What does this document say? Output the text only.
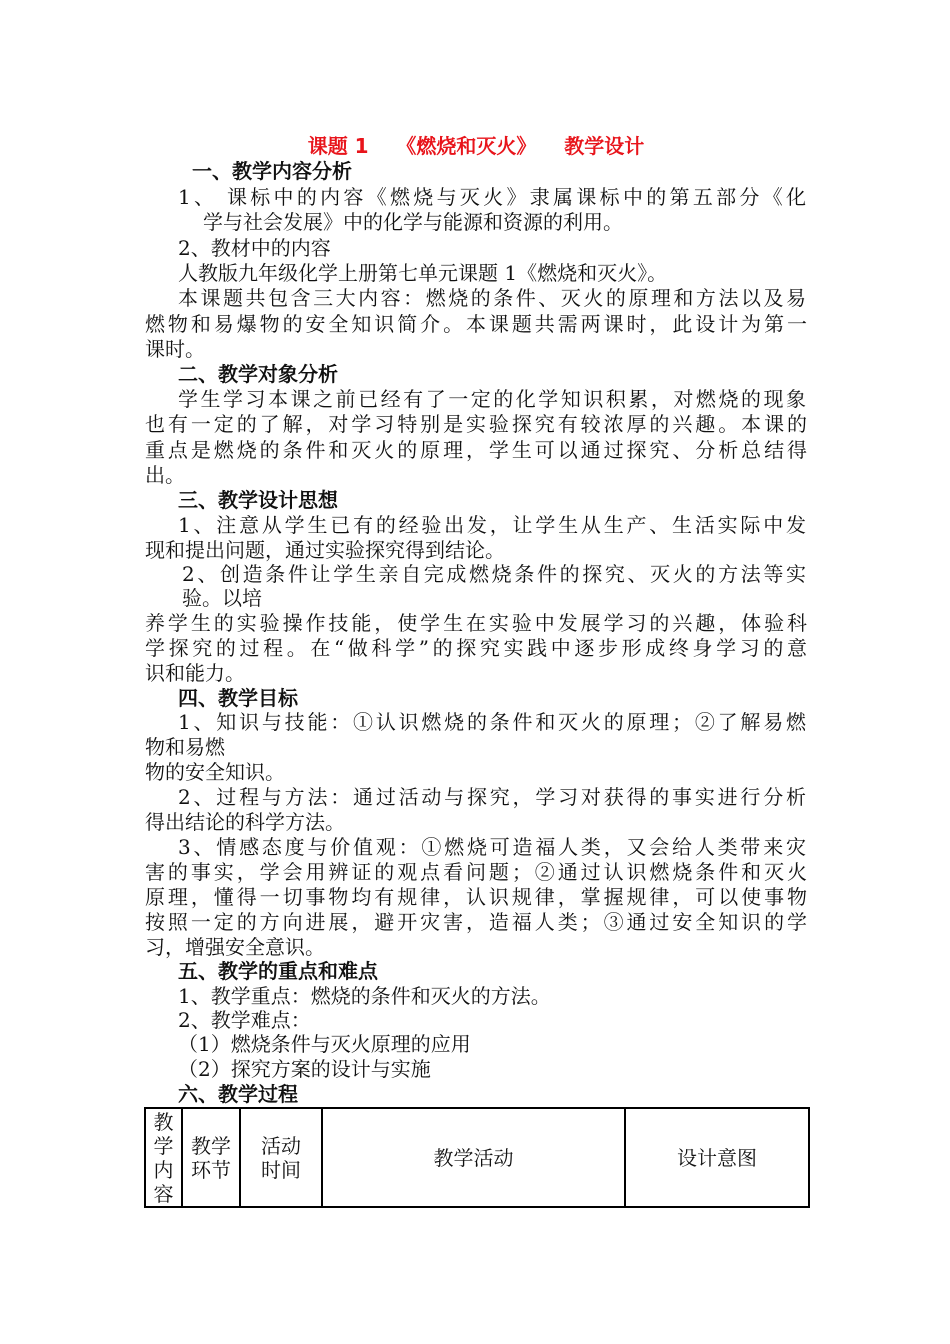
课题 1    《燃烧和灭火》    教学设计
一、教学内容分析
1、 课标中的内容《燃烧与灭火》隶属课标中的第五部分《化
学与社会发展》中的化学与能源和资源的利用。
2、教材中的内容
人教版九年级化学上册第七单元课题 1《燃烧和灭火》。
本课题共包含三大内容：燃烧的条件、灭火的原理和方法以及易
燃物和易爆物的安全知识简介。本课题共需两课时，此设计为第一
课时。
二、教学对象分析
学生学习本课之前已经有了一定的化学知识积累，对燃烧的现象
也有一定的了解，对学习特别是实验探究有较浓厚的兴趣。本课的
重点是燃烧的条件和灭火的原理，学生可以通过探究、分析总结得
出。
三、教学设计思想
1、注意从学生已有的经验出发，让学生从生产、生活实际中发
现和提出问题，通过实验探究得到结论。
2、创造条件让学生亲自完成燃烧条件的探究、灭火的方法等实
验。以培
养学生的实验操作技能，使学生在实验中发展学习的兴趣，体验科
学探究的过程。在“做科学”的探究实践中逐步形成终身学习的意
识和能力。
四、教学目标
1、知识与技能：①认识燃烧的条件和灭火的原理；②了解易燃
物和易燃
物的安全知识。
2、过程与方法：通过活动与探究，学习对获得的事实进行分析
得出结论的科学方法。
3、情感态度与价值观：①燃烧可造福人类，又会给人类带来灾
害的事实，学会用辨证的观点看问题；②通过认识燃烧条件和灭火
原理，懂得一切事物均有规律，认识规律，掌握规律，可以使事物
按照一定的方向进展，避开灾害，造福人类；③通过安全知识的学
习，增强安全意识。
五、教学的重点和难点
1、教学重点：燃烧的条件和灭火的方法。
2、教学难点：
（1）燃烧条件与灭火原理的应用
（2）探究方案的设计与实施
六、教学过程
教学内容	教学环节	活动时间	教学活动	设计意图
